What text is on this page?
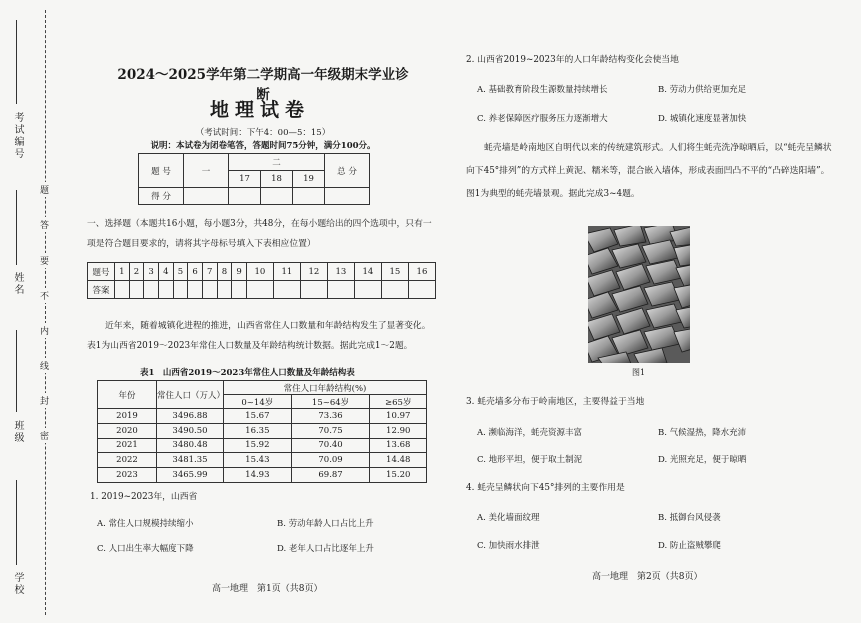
考试编号
姓名
班级
学校
题
答
要
不
内
线
封
密
2024～2025学年第二学期高一年级期末学业诊断
地理试卷
（考试时间：下午4：00—5：15）
说明：本试卷为闭卷笔答，答题时间75分钟，满分100分。
题 号	一	二			总 分
		17	18	19	
得 分					
一、选择题（本题共16小题，每小题3分，共48分，在每小题给出的四个选项中，只有一项是符合题目要求的，请将其字母标号填入下表相应位置）
题号	1	2	3	4	5	6	7	8	9	10	11	12	13	14	15	16
答案																
近年来，随着城镇化进程的推进，山西省常住人口数量和年龄结构发生了显著变化。表1为山西省2019～2023年常住人口数量及年龄结构统计数据。据此完成1～2题。
表1　山西省2019～2023年常住人口数量及年龄结构表
年份	常住人口（万人）	常住人口年龄结构(%)		
		0~14岁	15~64岁	≥65岁
2019	3496.88	15.67	73.36	10.97
2020	3490.50	16.35	70.75	12.90
2021	3480.48	15.92	70.40	13.68
2022	3481.35	15.43	70.09	14.48
2023	3465.99	14.93	69.87	15.20
1. 2019~2023年，山西省
A. 常住人口规模持续缩小	B. 劳动年龄人口占比上升
C. 人口出生率大幅度下降	D. 老年人口占比逐年上升
高一地理　第1页（共8页）
2. 山西省2019~2023年的人口年龄结构变化会使当地
A. 基础教育阶段生源数量持续增长	B. 劳动力供给更加充足
C. 养老保障医疗服务压力逐渐增大	D. 城镇化速度显著加快
蚝壳墙是岭南地区自明代以来的传统建筑形式。人们将生蚝壳洗净晾晒后，以“蚝壳呈鳞状向下45°排列”的方式样上黄泥、糯米等，混合嵌入墙体，形成表面凹凸不平的“凸碎迭阳墙”。图1为典型的蚝壳墙景观。据此完成3~4题。
图1
3. 蚝壳墙多分布于岭南地区，主要得益于当地
A. 濒临海洋，蚝壳资源丰富	B. 气候湿热，降水充沛
C. 地形平坦，便于取土制泥	D. 光照充足，便于晾晒
4. 蚝壳呈鳞状向下45°排列的主要作用是
A. 美化墙面纹理	B. 抵御台风侵袭
C. 加快雨水排泄	D. 防止盗贼攀爬
高一地理　第2页（共8页）
